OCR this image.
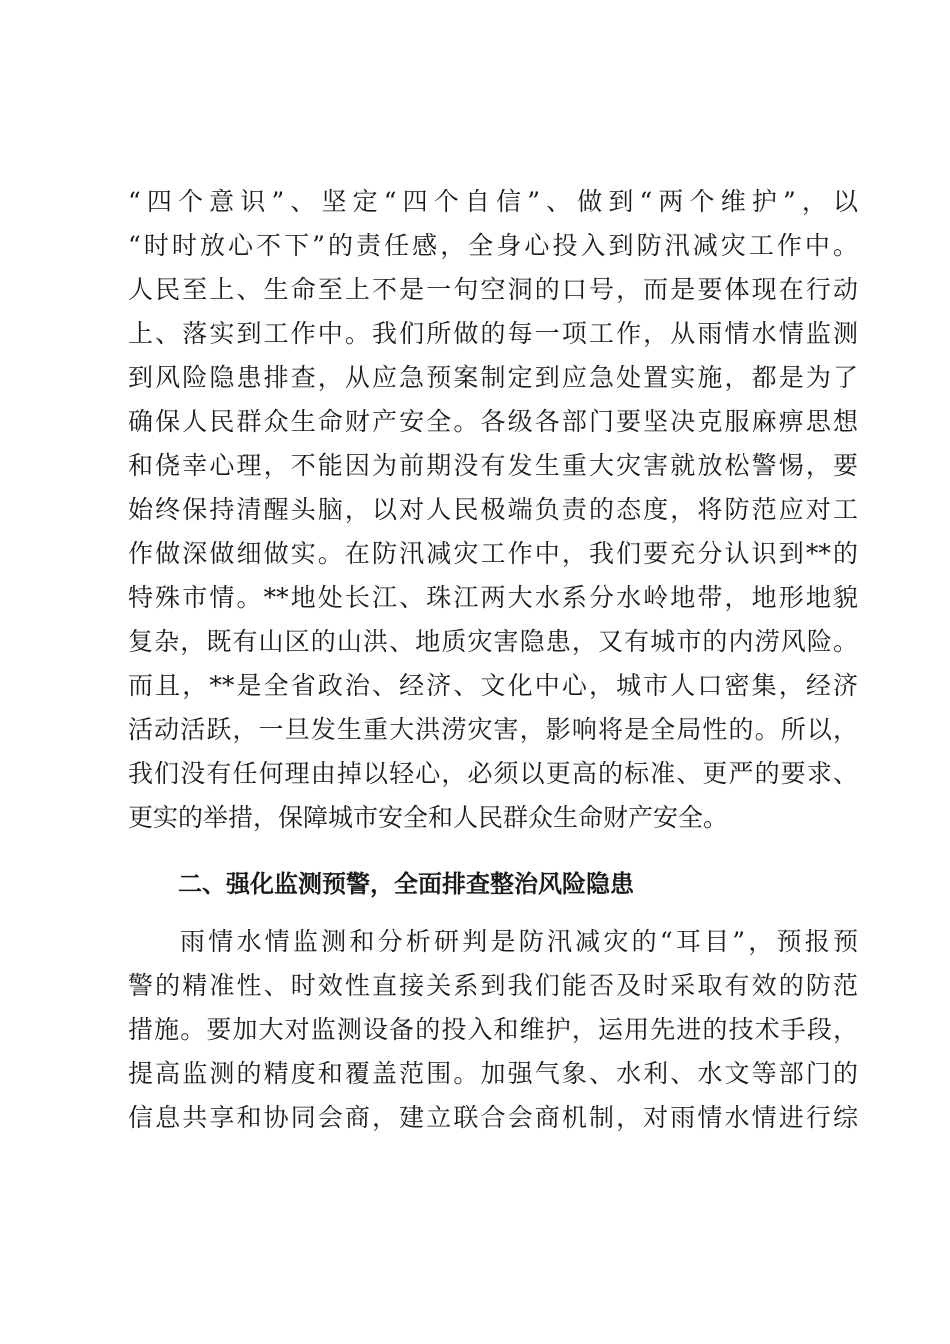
“四个意识”、坚定“四个自信”、做到“两个维护”，以
“时时放心不下”的责任感，全身心投入到防汛减灾工作中。
人民至上、生命至上不是一句空洞的口号，而是要体现在行动
上、落实到工作中。我们所做的每一项工作，从雨情水情监测
到风险隐患排查，从应急预案制定到应急处置实施，都是为了
确保人民群众生命财产安全。各级各部门要坚决克服麻痹思想
和侥幸心理，不能因为前期没有发生重大灾害就放松警惕，要
始终保持清醒头脑，以对人民极端负责的态度，将防范应对工
作做深做细做实。在防汛减灾工作中，我们要充分认识到**的
特殊市情。**地处长江、珠江两大水系分水岭地带，地形地貌
复杂，既有山区的山洪、地质灾害隐患，又有城市的内涝风险。
而且，**是全省政治、经济、文化中心，城市人口密集，经济
活动活跃，一旦发生重大洪涝灾害，影响将是全局性的。所以，
我们没有任何理由掉以轻心，必须以更高的标准、更严的要求、
更实的举措，保障城市安全和人民群众生命财产安全。
二、强化监测预警，全面排查整治风险隐患
雨情水情监测和分析研判是防汛减灾的“耳目”，预报预
警的精准性、时效性直接关系到我们能否及时采取有效的防范
措施。要加大对监测设备的投入和维护，运用先进的技术手段，
提高监测的精度和覆盖范围。加强气象、水利、水文等部门的
信息共享和协同会商，建立联合会商机制，对雨情水情进行综
